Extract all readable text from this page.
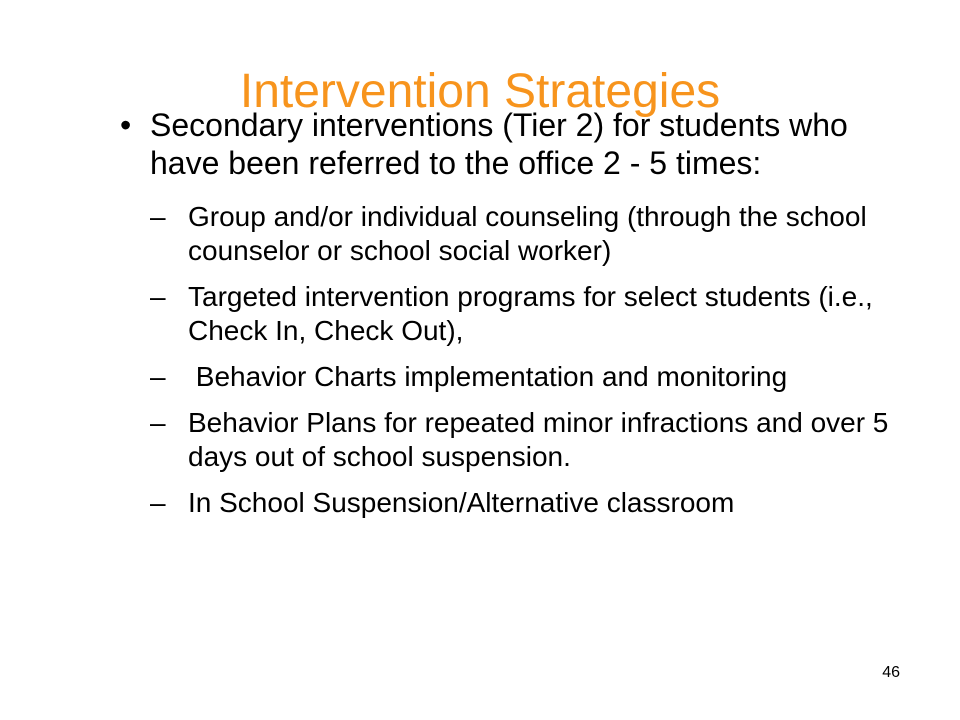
Intervention Strategies
• Secondary interventions (Tier 2) for students who have been referred to the office 2 - 5 times:
– Group and/or individual counseling (through the school counselor or school social worker)
– Targeted intervention programs for select students (i.e., Check In, Check Out),
– Behavior Charts implementation and monitoring
– Behavior Plans for repeated minor infractions and over 5 days out of school suspension.
– In School Suspension/Alternative classroom
46
